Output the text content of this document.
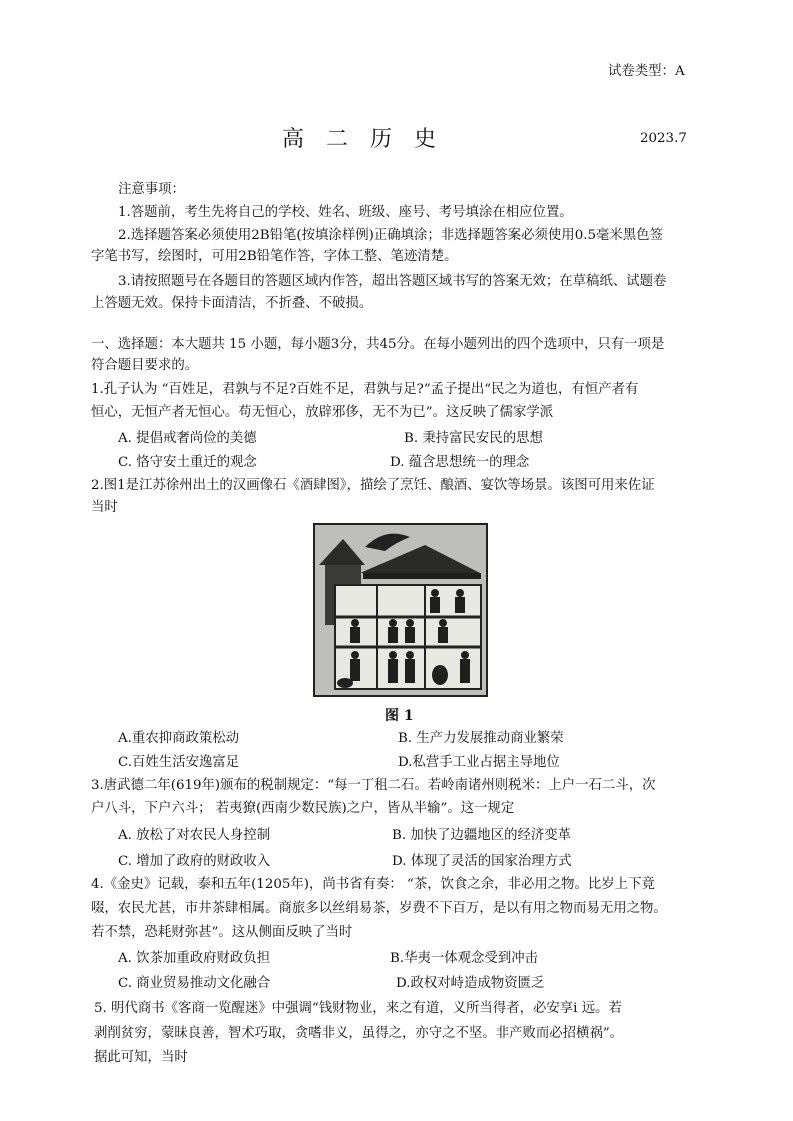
试卷类型：A
高 二 历 史	2023.7
注意事项：
1.答题前，考生先将自己的学校、姓名、班级、座号、考号填涂在相应位置。
2.选择题答案必须使用2B铅笔(按填涂样例)正确填涂；非选择题答案必须使用0.5毫米黑色签
字笔书写，绘图时，可用2B铅笔作答，字体工整、笔迹清楚。
3.请按照题号在各题目的答题区域内作答，超出答题区域书写的答案无效；在草稿纸、试题卷
上答题无效。保持卡面清洁，不折叠、不破损。
一、选择题：本大题共 15 小题，每小题3分，共45分。在每小题列出的四个选项中，只有一项是
符合题目要求的。
1.孔子认为 “百姓足，君孰与不足?百姓不足，君孰与足?”孟子提出“民之为道也，有恒产者有
恒心，无恒产者无恒心。苟无恒心，放辟邪侈，无不为已”。这反映了儒家学派
A. 提倡戒奢尚俭的美德	B. 秉持富民安民的思想
C. 恪守安土重迁的观念	D. 蕴含思想统一的理念
2.图1是江苏徐州出土的汉画像石《酒肆图》，描绘了烹饪、酿酒、宴饮等场景。该图可用来佐证
当时
图 1
A.重农抑商政策松动	B. 生产力发展推动商业繁荣
C.百姓生活安逸富足	D.私营手工业占据主导地位
3.唐武德二年(619年)颁布的税制规定：“每一丁租二石。若岭南诸州则税米：上户一石二斗，次
户八斗，下户六斗； 若夷獠(西南少数民族)之户，皆从半输”。这一规定
A. 放松了对农民人身控制	B. 加快了边疆地区的经济变革
C. 增加了政府的财政收入	D. 体现了灵活的国家治理方式
4.《金史》记载，泰和五年(1205年)，尚书省有奏： “茶，饮食之余，非必用之物。比岁上下竟
啜，农民尤甚，市井茶肆相属。商旅多以丝绢易茶，岁费不下百万，是以有用之物而易无用之物。
若不禁，恐耗财弥甚”。这从侧面反映了当时
A. 饮茶加重政府财政负担	B.华夷一体观念受到冲击
C. 商业贸易推动文化融合	D.政权对峙造成物资匮乏
5. 明代商书《客商一览醒迷》中强调“钱财物业，来之有道，义所当得者，必安享i 远。若
剥削贫穷，蒙昧良善，智术巧取，贪嗜非义，虽得之，亦守之不坚。非产败而必招横祸”。
据此可知，当时
